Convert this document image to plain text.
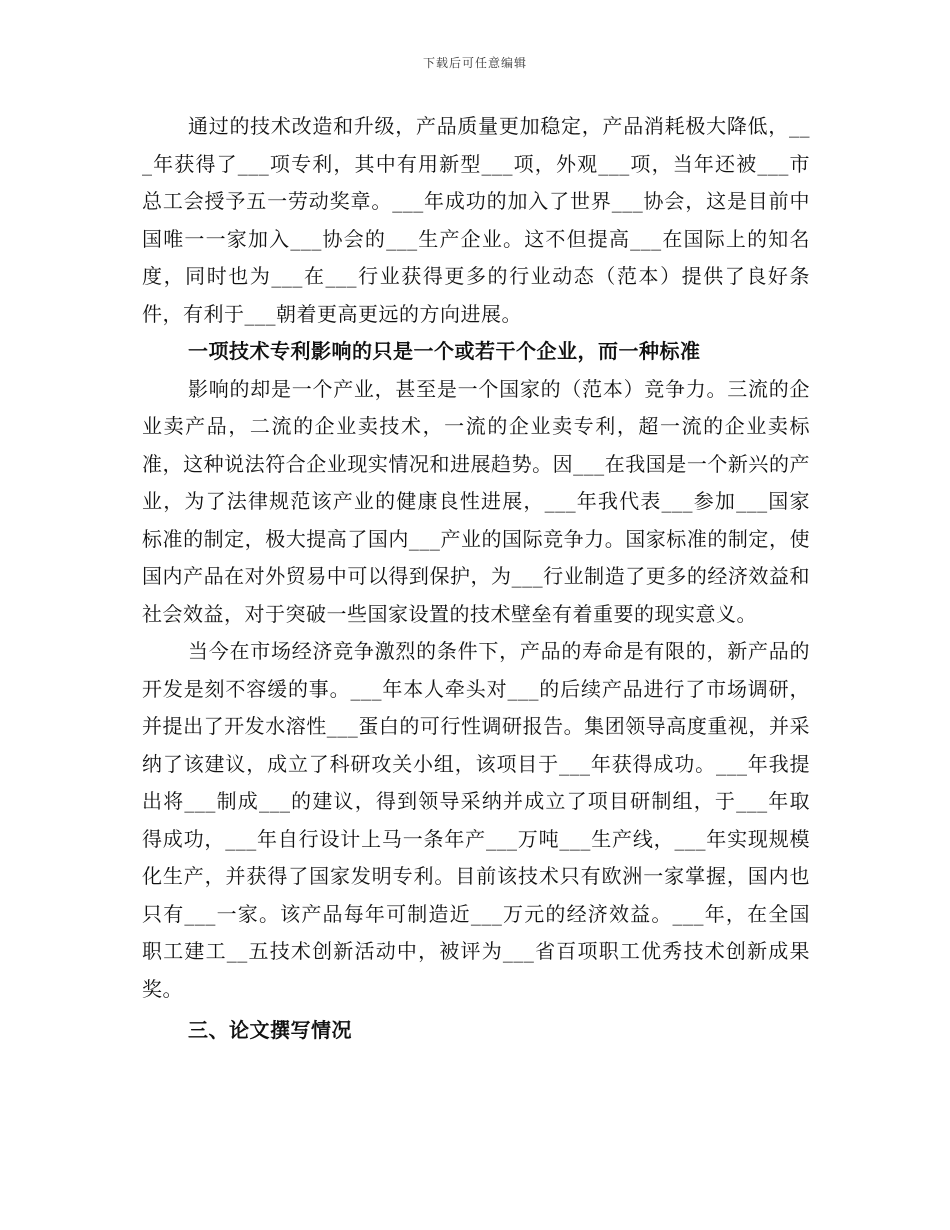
下载后可任意编辑

通过的技术改造和升级，产品质量更加稳定，产品消耗极大降低，___年获得了___项专利，其中有用新型___项，外观___项，当年还被___市总工会授予五一劳动奖章。___年成功的加入了世界___协会，这是目前中国唯一一家加入___协会的___生产企业。这不但提高___在国际上的知名度，同时也为___在___行业获得更多的行业动态（范本）提供了良好条件，有利于___朝着更高更远的方向进展。

一项技术专利影响的只是一个或若干个企业，而一种标准

影响的却是一个产业，甚至是一个国家的（范本）竞争力。三流的企业卖产品，二流的企业卖技术，一流的企业卖专利，超一流的企业卖标准，这种说法符合企业现实情况和进展趋势。因___在我国是一个新兴的产业，为了法律规范该产业的健康良性进展，___年我代表___参加___国家标准的制定，极大提高了国内___产业的国际竞争力。国家标准的制定，使国内产品在对外贸易中可以得到保护，为___行业制造了更多的经济效益和社会效益，对于突破一些国家设置的技术壁垒有着重要的现实意义。

当今在市场经济竞争激烈的条件下，产品的寿命是有限的，新产品的开发是刻不容缓的事。___年本人牵头对___的后续产品进行了市场调研，并提出了开发水溶性___蛋白的可行性调研报告。集团领导高度重视，并采纳了该建议，成立了科研攻关小组，该项目于___年获得成功。___年我提出将___制成___的建议，得到领导采纳并成立了项目研制组，于___年取得成功，___年自行设计上马一条年产___万吨___生产线，___年实现规模化生产，并获得了国家发明专利。目前该技术只有欧洲一家掌握，国内也只有___一家。该产品每年可制造近___万元的经济效益。___年，在全国职工建工__五技术创新活动中，被评为___省百项职工优秀技术创新成果奖。

三、论文撰写情况
